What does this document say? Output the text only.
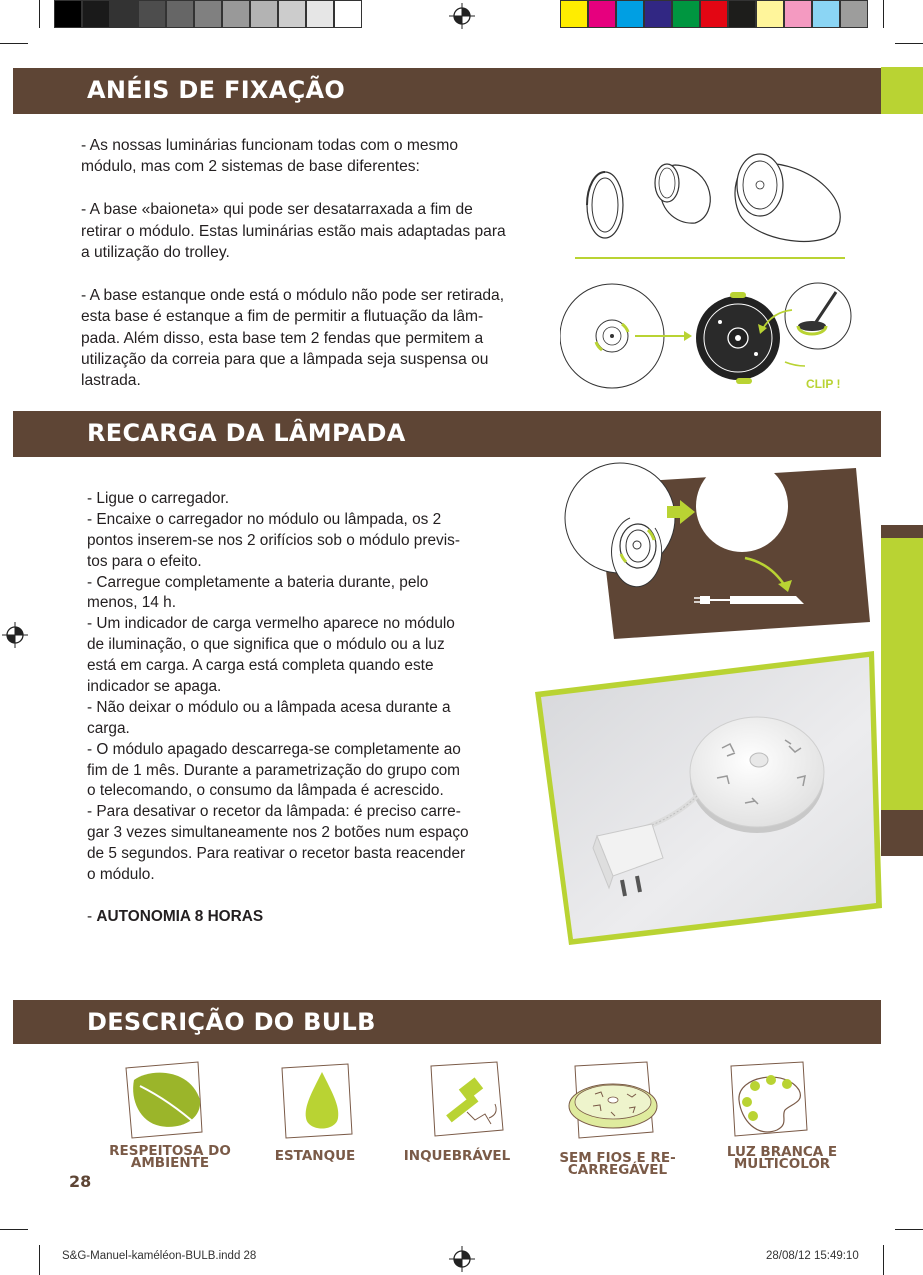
ANÉIS DE FIXAÇÃO
- As nossas luminárias funcionam todas com o mesmo
módulo, mas com 2 sistemas de base diferentes:
- A base «baioneta» qui pode ser desatarraxada a fim de
retirar o módulo. Estas luminárias estão mais adaptadas para
a utilização do trolley.
- A base estanque onde está o módulo não pode ser retirada,
esta base é estanque a fim de permitir a flutuação da lâm-
pada. Além disso, esta base tem 2 fendas que permitem a
utilização da correia para que a lâmpada seja suspensa ou
lastrada.	CLIP !
RECARGA DA LÂMPADA
- Ligue o carregador.
- Encaixe o carregador no módulo ou lâmpada, os 2
pontos inserem-se nos 2 orifícios sob o módulo previs-
tos para o efeito.
- Carregue completamente a bateria durante, pelo
menos, 14 h.
- Um indicador de carga vermelho aparece no módulo
de iluminação, o que significa que o módulo ou a luz
está em carga. A carga está completa quando este
indicador se apaga.
- Não deixar o módulo ou a lâmpada acesa durante a
carga.
- O módulo apagado descarrega-se completamente ao
fim de 1 mês. Durante a parametrização do grupo com
o telecomando, o consumo da lâmpada é acrescido.
- Para desativar o recetor da lâmpada: é preciso carre-
gar 3 vezes simultaneamente nos 2 botões num espaço
de 5 segundos. Para reativar o recetor basta reacender
o módulo.
- AUTONOMIA 8 HORAS
DESCRIÇÃO DO BULB
RESPEITOSA DO
AMBIENTE	ESTANQUE	INQUEBRÁVEL	SEM FIOS E RE-
CARREGÁVEL
LUZ BRANCA E
MULTICOLOR
28
S&G-Manuel-kaméléon-BULB.indd 28	28/08/12 15:49:10
